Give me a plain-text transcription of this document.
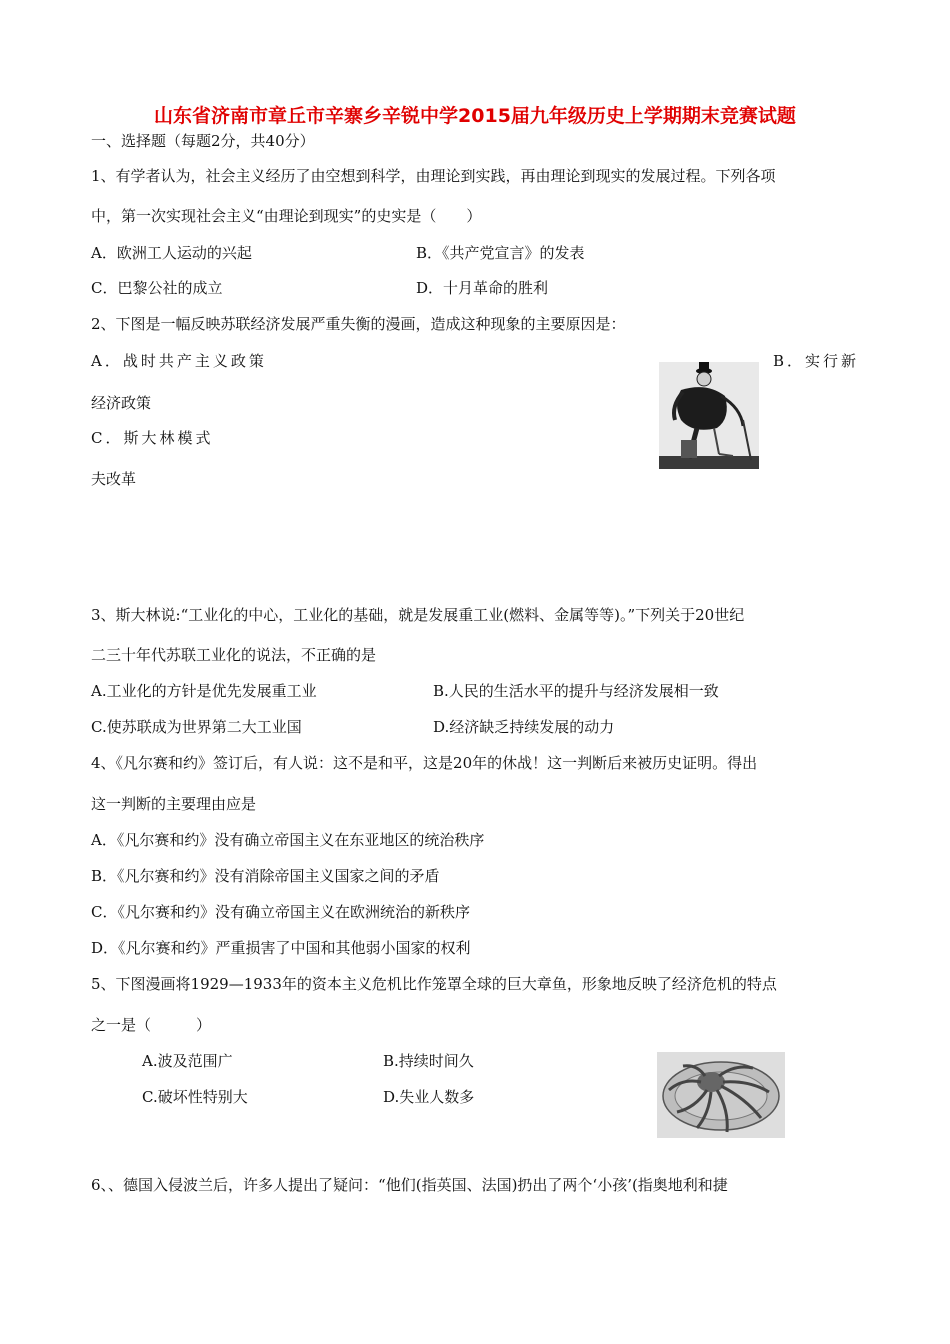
山东省济南市章丘市辛寨乡辛锐中学2015届九年级历史上学期期末竞赛试题
一、选择题（每题2分，共40分）
1、有学者认为，社会主义经历了由空想到科学，由理论到实践，再由理论到现实的发展过程。下列各项
中，第一次实现社会主义“由理论到现实”的史实是（　　）
A．欧洲工人运动的兴起	B．《共产党宣言》的发表
C．巴黎公社的成立	D．十月革命的胜利
2、下图是一幅反映苏联经济发展严重失衡的漫画，造成这种现象的主要原因是：
A．战时共产主义政策	B．实行新
经济政策
C．斯大林模式
夫改革
3、斯大林说:“工业化的中心，工业化的基础，就是发展重工业(燃料、金属等等)。”下列关于20世纪
二三十年代苏联工业化的说法，不正确的是
A.工业化的方针是优先发展重工业	B.人民的生活水平的提升与经济发展相一致
C.使苏联成为世界第二大工业国	D.经济缺乏持续发展的动力
4、《凡尔赛和约》签订后，有人说：这不是和平，这是20年的休战！这一判断后来被历史证明。得出
这一判断的主要理由应是
A．《凡尔赛和约》没有确立帝国主义在东亚地区的统治秩序
B．《凡尔赛和约》没有消除帝国主义国家之间的矛盾
C．《凡尔赛和约》没有确立帝国主义在欧洲统治的新秩序
D．《凡尔赛和约》严重损害了中国和其他弱小国家的权利
5、下图漫画将1929—1933年的资本主义危机比作笼罩全球的巨大章鱼，形象地反映了经济危机的特点
之一是（　　　）
A.波及范围广	B.持续时间久
C.破坏性特别大	D.失业人数多
6、、德国入侵波兰后，许多人提出了疑问：“他们(指英国、法国)扔出了两个‘小孩’(指奥地利和捷
